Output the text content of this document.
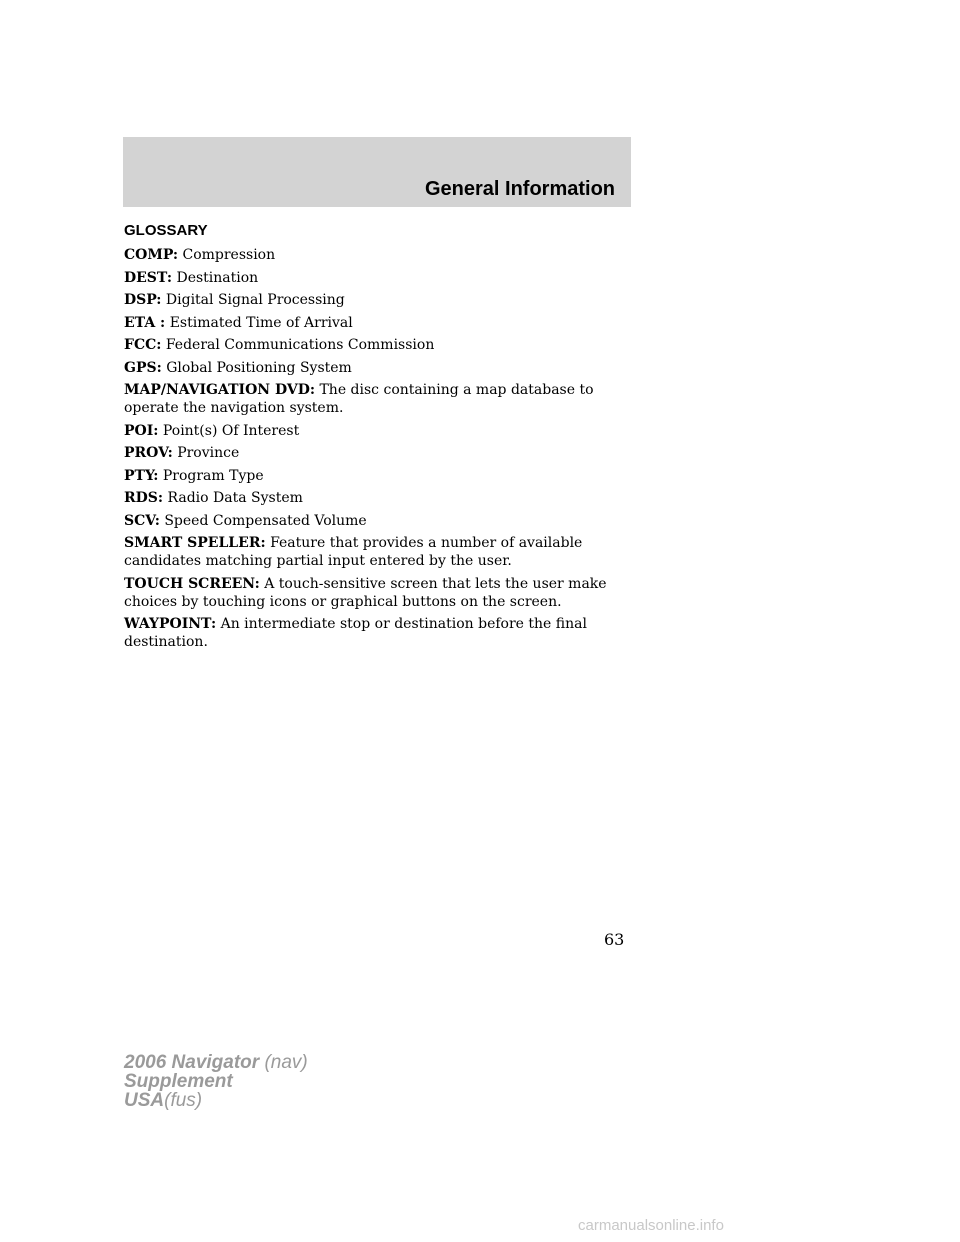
General Information
GLOSSARY
COMP: Compression
DEST: Destination
DSP: Digital Signal Processing
ETA : Estimated Time of Arrival
FCC: Federal Communications Commission
GPS: Global Positioning System
MAP/NAVIGATION DVD: The disc containing a map database to operate the navigation system.
POI: Point(s) Of Interest
PROV: Province
PTY: Program Type
RDS: Radio Data System
SCV: Speed Compensated Volume
SMART SPELLER: Feature that provides a number of available candidates matching partial input entered by the user.
TOUCH SCREEN: A touch-sensitive screen that lets the user make choices by touching icons or graphical buttons on the screen.
WAYPOINT: An intermediate stop or destination before the final destination.
63
2006 Navigator (nav)
Supplement
USA(fus)
carmanualsonline.info
